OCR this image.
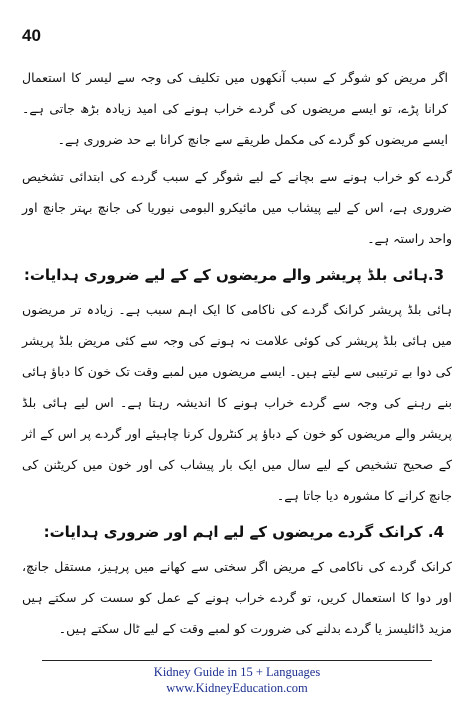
40

اگر مریض کو شوگر کے سبب آنکھوں میں تکلیف کی وجہ سے لیسر کا استعمال کرانا پڑے، تو ایسے مریضوں کی گردے خراب ہونے کی امید زیادہ بڑھ جاتی ہے۔ ایسے مریضوں کو گردے کی مکمل طریقے سے جانچ کرانا بے حد ضروری ہے۔

گردے کو خراب ہونے سے بچانے کے لیے شوگر کے سبب گردے کی ابتدائی تشخیص ضروری ہے، اس کے لیے پیشاب میں مائیکرو البومی نیوریا کی جانچ بہتر جانچ اور واحد راستہ ہے۔

3.ہائی بلڈ پریشر والے مریضوں کے کے لیے ضروری ہدایات:

ہائی بلڈ پریشر کرانک گردے کی ناکامی کا ایک اہم سبب ہے۔ زیادہ تر مریضوں میں ہائی بلڈ پریشر کی کوئی علامت نہ ہونے کی وجہ سے کئی مریض بلڈ پریشر کی دوا بے ترتیبی سے لیتے ہیں۔ ایسے مریضوں میں لمبے وقت تک خون کا دباؤ ہائی بنے رہنے کی وجہ سے گردے خراب ہونے کا اندیشہ رہتا ہے۔ اس لیے ہائی بلڈ پریشر والے مریضوں کو خون کے دباؤ پر کنٹرول کرنا چاہیئے اور گردے پر اس کے اثر کے صحیح تشخیص کے لیے سال میں ایک بار پیشاب کی اور خون میں کریٹنن کی جانچ کرانے کا مشورہ دیا جاتا ہے۔

4. کرانک گردے مریضوں کے لیے اہم اور ضروری ہدایات:

کرانک گردے کی ناکامی کے مریض اگر سختی سے کھانے میں پرہیز، مستقل جانچ، اور دوا کا استعمال کریں، تو گردے خراب ہونے کے عمل کو سست کر سکتے ہیں مزید ڈائلیسز یا گردے بدلنے کی ضرورت کو لمبے وقت کے لیے ٹال سکتے ہیں۔

Kidney Guide in 15 + Languages
www.KidneyEducation.com
